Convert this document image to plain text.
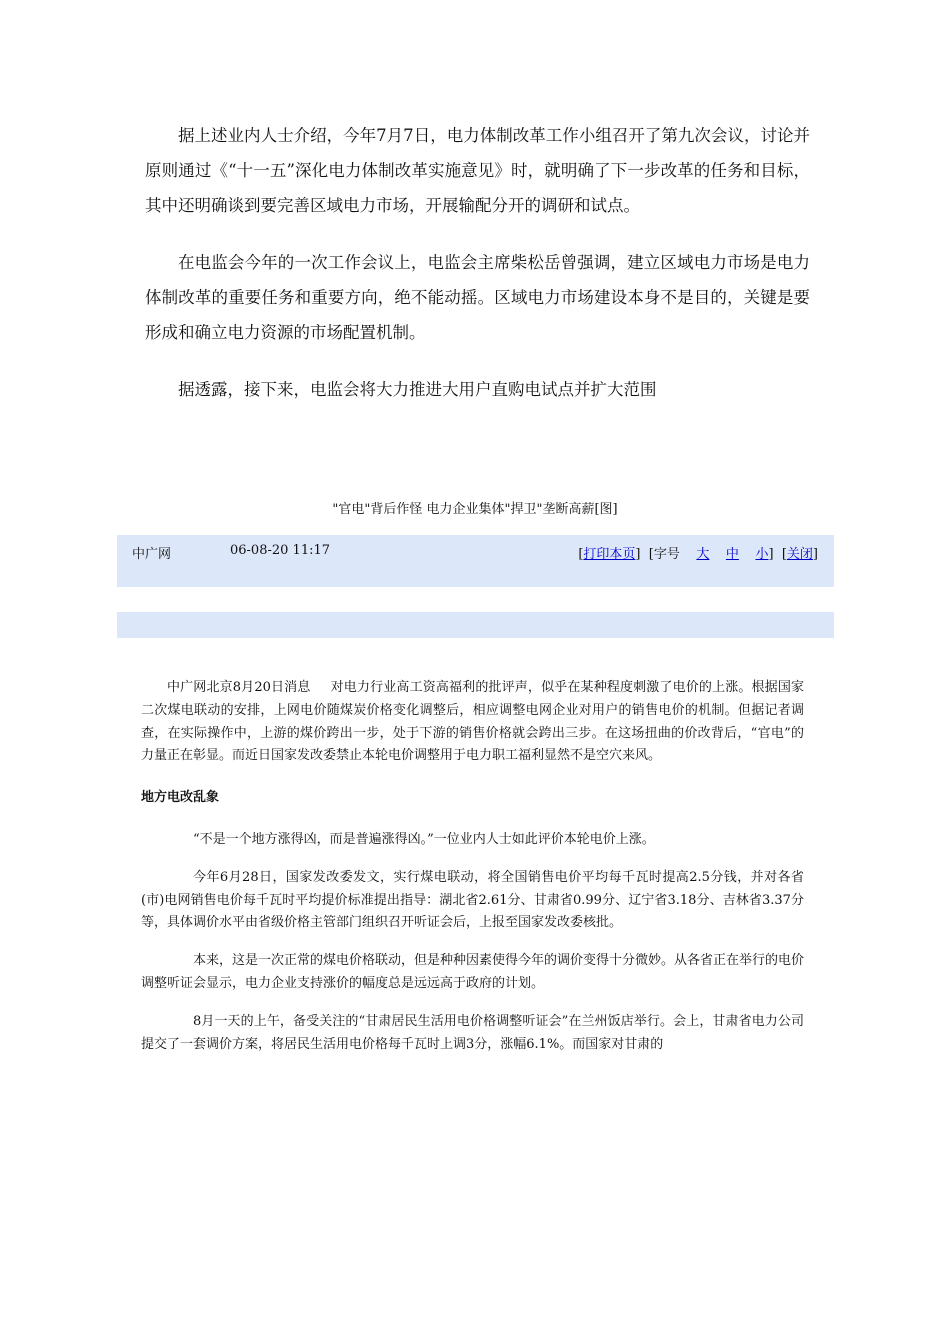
据上述业内人士介绍，今年7月7日，电力体制改革工作小组召开了第九次会议，讨论并原则通过《“十一五”深化电力体制改革实施意见》时，就明确了下一步改革的任务和目标，其中还明确谈到要完善区域电力市场，开展输配分开的调研和试点。

在电监会今年的一次工作会议上，电监会主席柴松岳曾强调，建立区域电力市场是电力体制改革的重要任务和重要方向，绝不能动摇。区域电力市场建设本身不是目的，关键是要形成和确立电力资源的市场配置机制。

据透露，接下来，电监会将大力推进大用户直购电试点并扩大范围

"官电"背后作怪 电力企业集体"捍卫"垄断高薪[图]
中广网	06-08-20 11:17	[打印本页]  [字号 大 中 小]  [关闭]

中广网北京8月20日消息 对电力行业高工资高福利的批评声，似乎在某种程度刺激了电价的上涨。根据国家二次煤电联动的安排，上网电价随煤炭价格变化调整后，相应调整电网企业对用户的销售电价的机制。但据记者调查，在实际操作中，上游的煤价跨出一步，处于下游的销售价格就会跨出三步。在这场扭曲的价改背后，“官电”的力量正在彰显。而近日国家发改委禁止本轮电价调整用于电力职工福利显然不是空穴来风。

地方电改乱象

“不是一个地方涨得凶，而是普遍涨得凶。”一位业内人士如此评价本轮电价上涨。

今年6月28日，国家发改委发文，实行煤电联动，将全国销售电价平均每千瓦时提高2.5分钱，并对各省(市)电网销售电价每千瓦时平均提价标准提出指导：湖北省2.61分、甘肃省0.99分、辽宁省3.18分、吉林省3.37分等，具体调价水平由省级价格主管部门组织召开听证会后，上报至国家发改委核批。

本来，这是一次正常的煤电价格联动，但是种种因素使得今年的调价变得十分微妙。从各省正在举行的电价调整听证会显示，电力企业支持涨价的幅度总是远远高于政府的计划。

8月一天的上午，备受关注的“甘肃居民生活用电价格调整听证会”在兰州饭店举行。会上，甘肃省电力公司提交了一套调价方案，将居民生活用电价格每千瓦时上调3分，涨幅6.1%。而国家对甘肃的
